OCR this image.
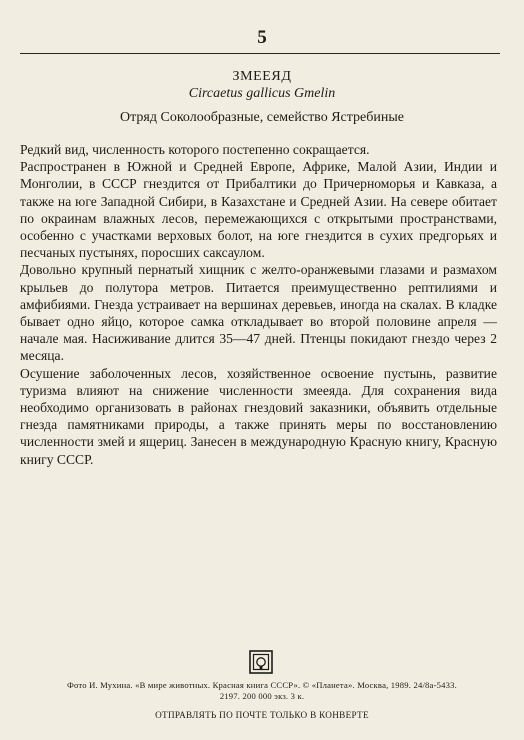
5
ЗМЕЕЯД
Circaetus gallicus Gmelin
Отряд Соколообразные, семейство Ястребиные

Редкий вид, численность которого постепенно сокращается.

Распространен в Южной и Средней Европе, Африке, Малой Азии, Индии и Монголии, в СССР гнездится от Прибалтики до Причерноморья и Кавказа, а также на юге Западной Сибири, в Казахстане и Средней Азии. На севере обитает по окраинам влажных лесов, перемежающихся с открытыми пространствами, особенно с участками верховых болот, на юге гнездится в сухих предгорьях и песчаных пустынях, поросших саксаулом.

Довольно крупный пернатый хищник с желто-оранжевыми глазами и размахом крыльев до полутора метров. Питается преимущественно рептилиями и амфибиями. Гнезда устраивает на вершинах деревьев, иногда на скалах. В кладке бывает одно яйцо, которое самка откладывает во второй половине апреля — начале мая. Насиживание длится 35—47 дней. Птенцы покидают гнездо через 2 месяца.

Осушение заболоченных лесов, хозяйственное освоение пустынь, развитие туризма влияют на снижение численности змееяда. Для сохранения вида необходимо организовать в районах гнездовий заказники, объявить отдельные гнезда памятниками природы, а также принять меры по восстановлению численности змей и ящериц. Занесен в международную Красную книгу, Красную книгу СССР.

Фото И. Мухина. «В мире животных. Красная книга СССР». © «Планета». Москва, 1989. 24/8а-5433.
2197. 200 000 экз. 3 к.
ОТПРАВЛЯТЬ ПО ПОЧТЕ ТОЛЬКО В КОНВЕРТЕ
